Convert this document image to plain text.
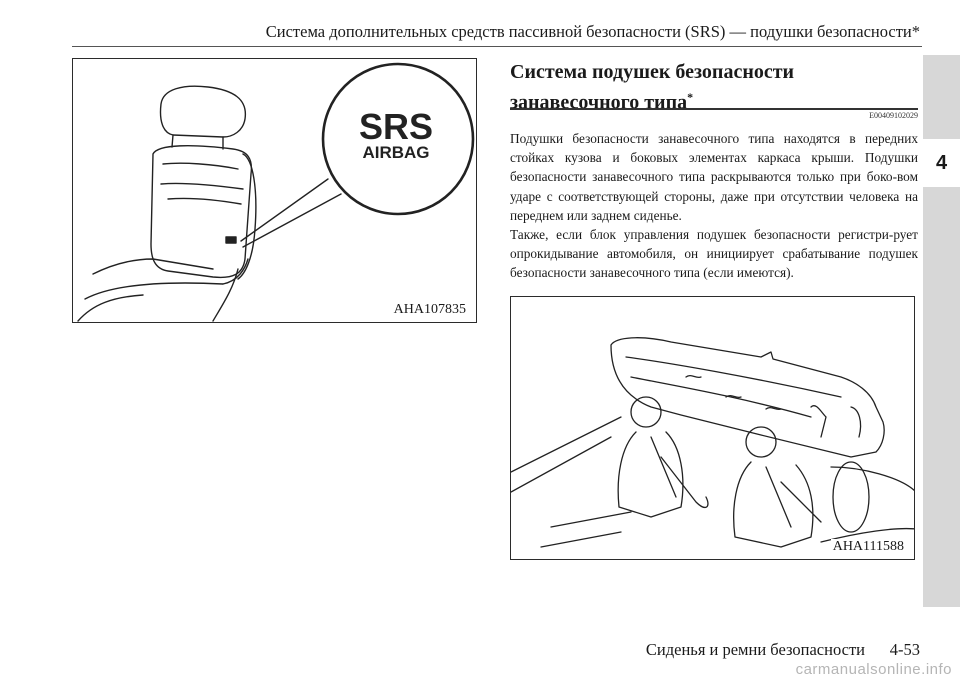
Система дополнительных средств пассивной безопасности (SRS) — подушки безопасности*
4
SRS
AIRBAG
AHA107835
Система подушек безопасности занавесочного типа*
E00409102029

Подушки безопасности занавесочного типа находятся в передних стойках кузова и боковых элементах каркаса крыши. Подушки безопасности занавесочного типа раскрываются только при боко-вом ударе с соответствующей стороны, даже при отсутствии человека на переднем или заднем сиденье.

Также, если блок управления подушек безопасности регистри-рует опрокидывание автомобиля, он инициирует срабатывание подушек безопасности занавесочного типа (если имеются).

AHA111588
Сиденья и ремни безопасности 4-53
carmanualsonline.info
